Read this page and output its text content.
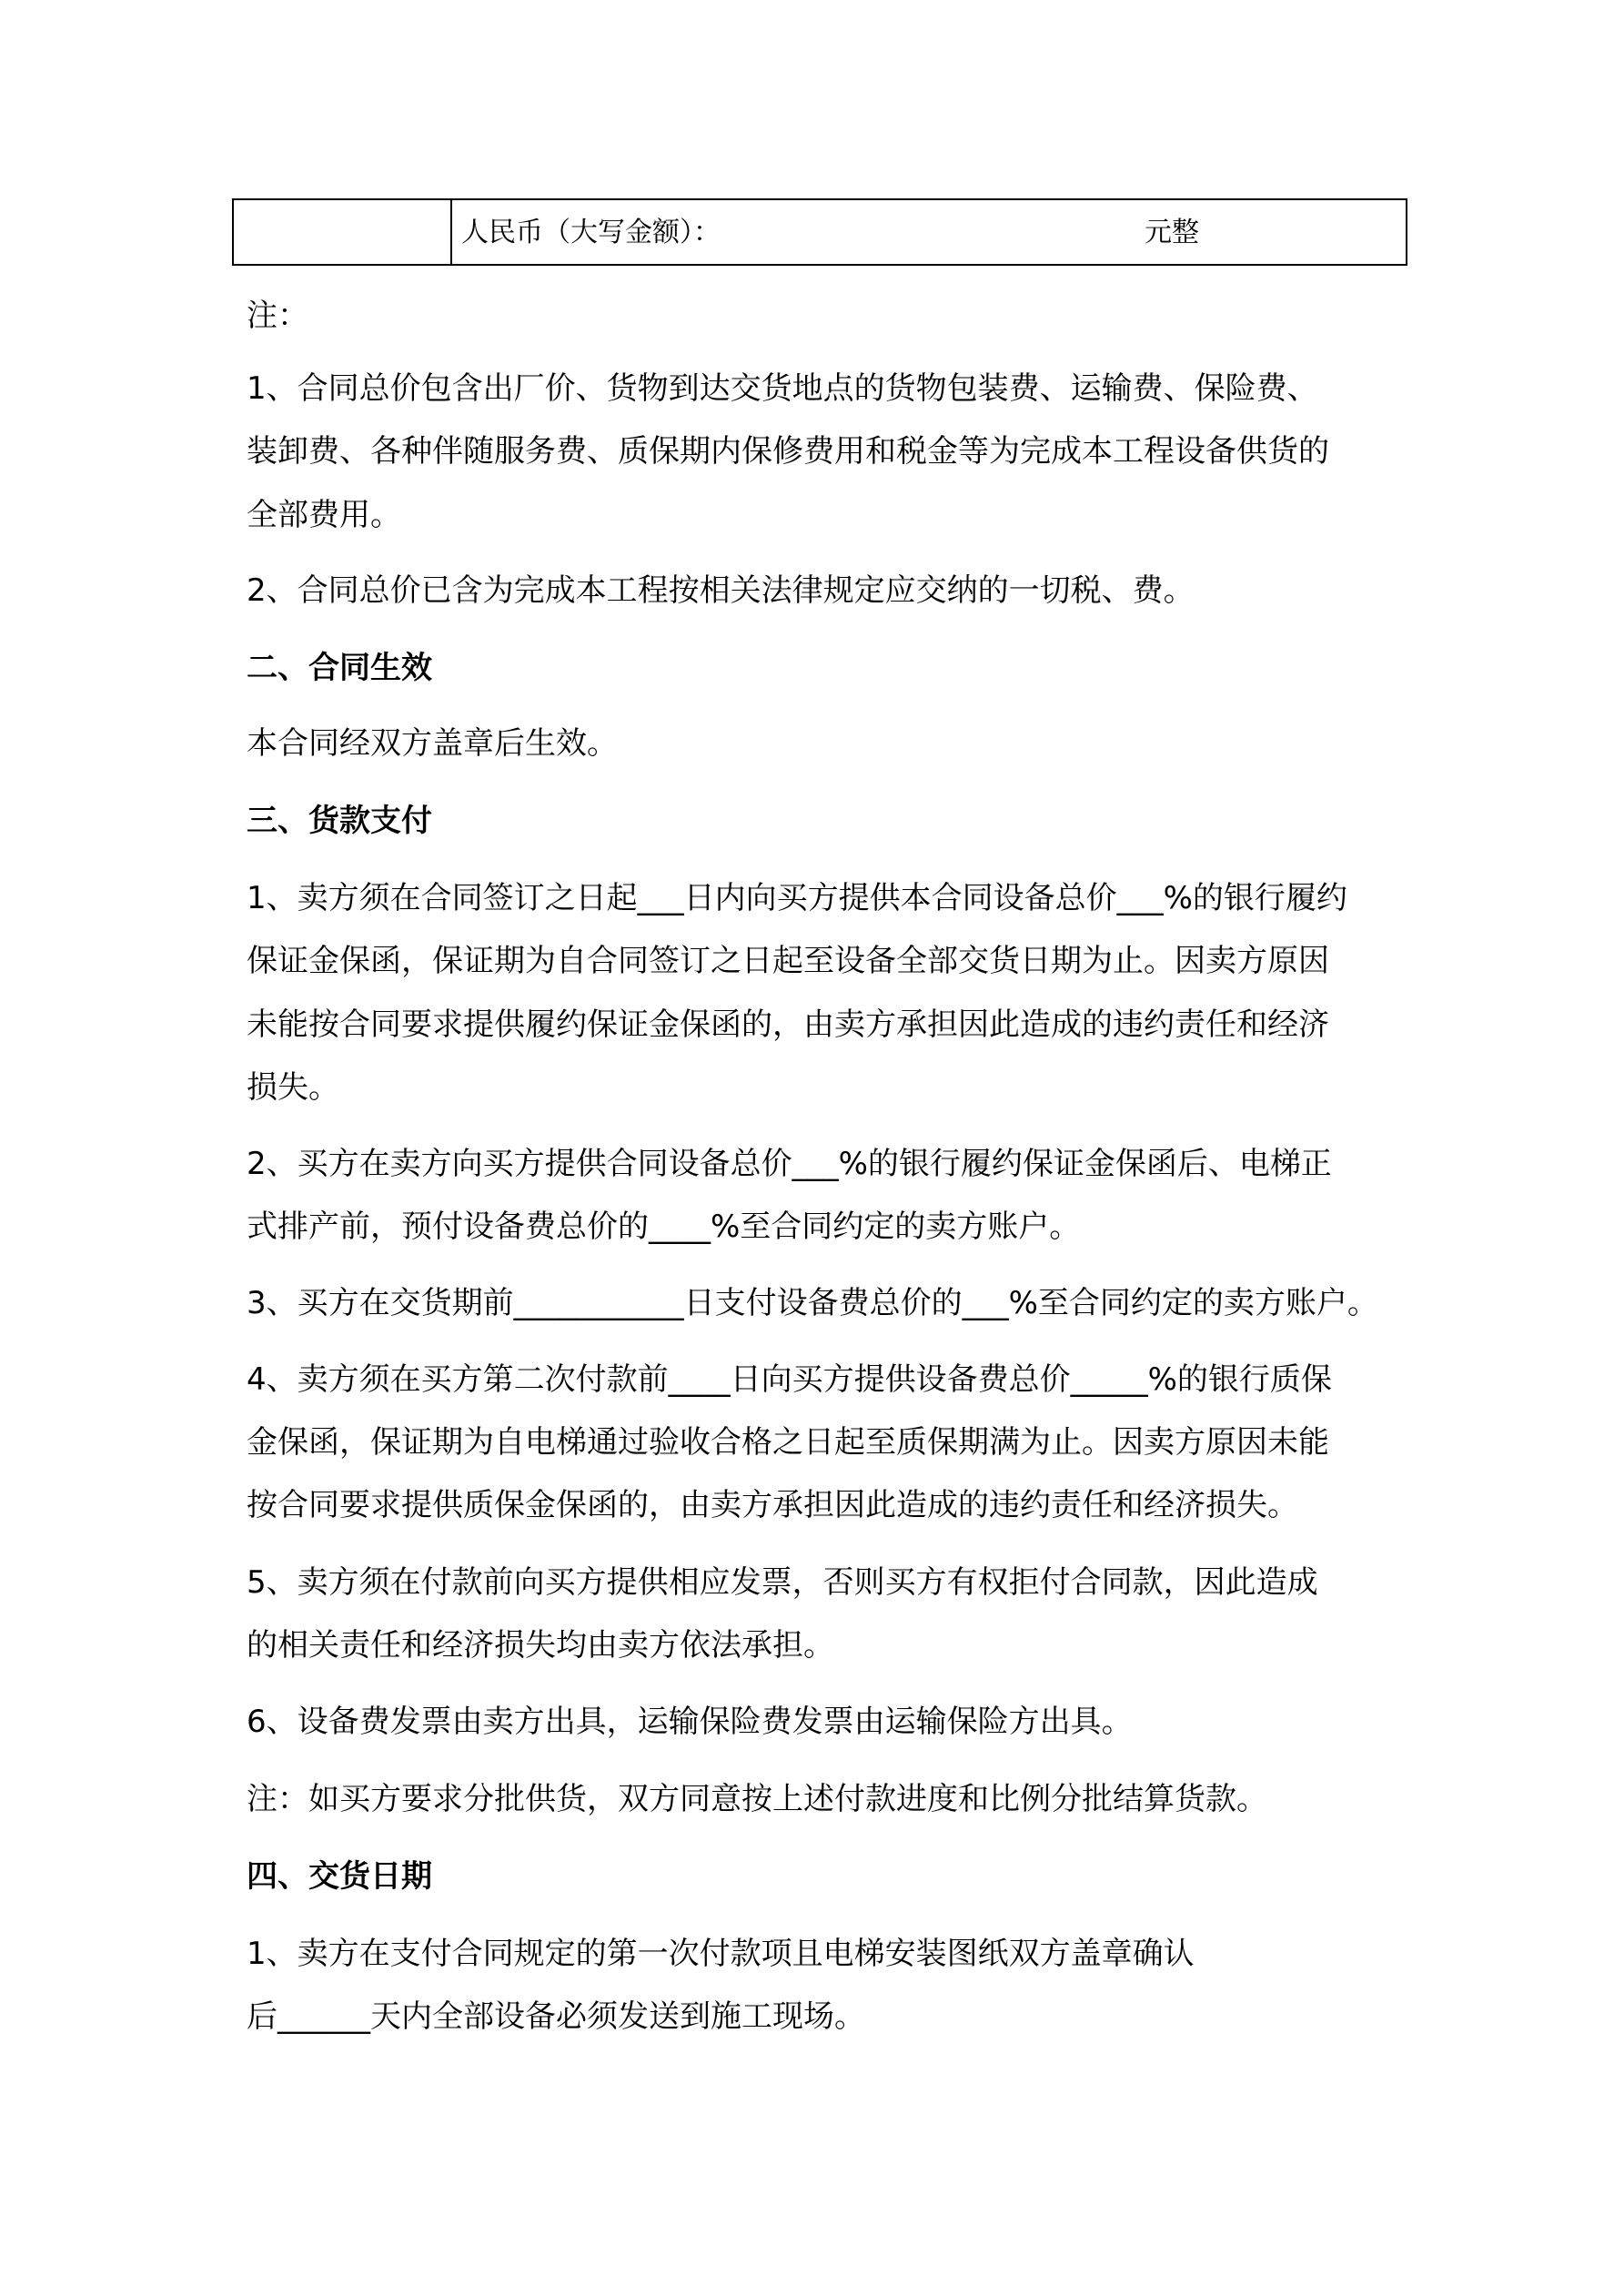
人民币（大写金额）：	元整
注：
1、合同总价包含出厂价、货物到达交货地点的货物包装费、运输费、保险费、
装卸费、各种伴随服务费、质保期内保修费用和税金等为完成本工程设备供货的
全部费用。
2、合同总价已含为完成本工程按相关法律规定应交纳的一切税、费。
二、合同生效
本合同经双方盖章后生效。
三、货款支付
1、卖方须在合同签订之日起___日内向买方提供本合同设备总价___%的银行履约
保证金保函，保证期为自合同签订之日起至设备全部交货日期为止。因卖方原因
未能按合同要求提供履约保证金保函的，由卖方承担因此造成的违约责任和经济
损失。
2、买方在卖方向买方提供合同设备总价___%的银行履约保证金保函后、电梯正
式排产前，预付设备费总价的____%至合同约定的卖方账户。
3、买方在交货期前___________日支付设备费总价的___%至合同约定的卖方账户。
4、卖方须在买方第二次付款前____日向买方提供设备费总价_____%的银行质保
金保函，保证期为自电梯通过验收合格之日起至质保期满为止。因卖方原因未能
按合同要求提供质保金保函的，由卖方承担因此造成的违约责任和经济损失。
5、卖方须在付款前向买方提供相应发票，否则买方有权拒付合同款，因此造成
的相关责任和经济损失均由卖方依法承担。
6、设备费发票由卖方出具，运输保险费发票由运输保险方出具。
注：如买方要求分批供货，双方同意按上述付款进度和比例分批结算货款。
四、交货日期
1、卖方在支付合同规定的第一次付款项且电梯安装图纸双方盖章确认
后______天内全部设备必须发送到施工现场。
